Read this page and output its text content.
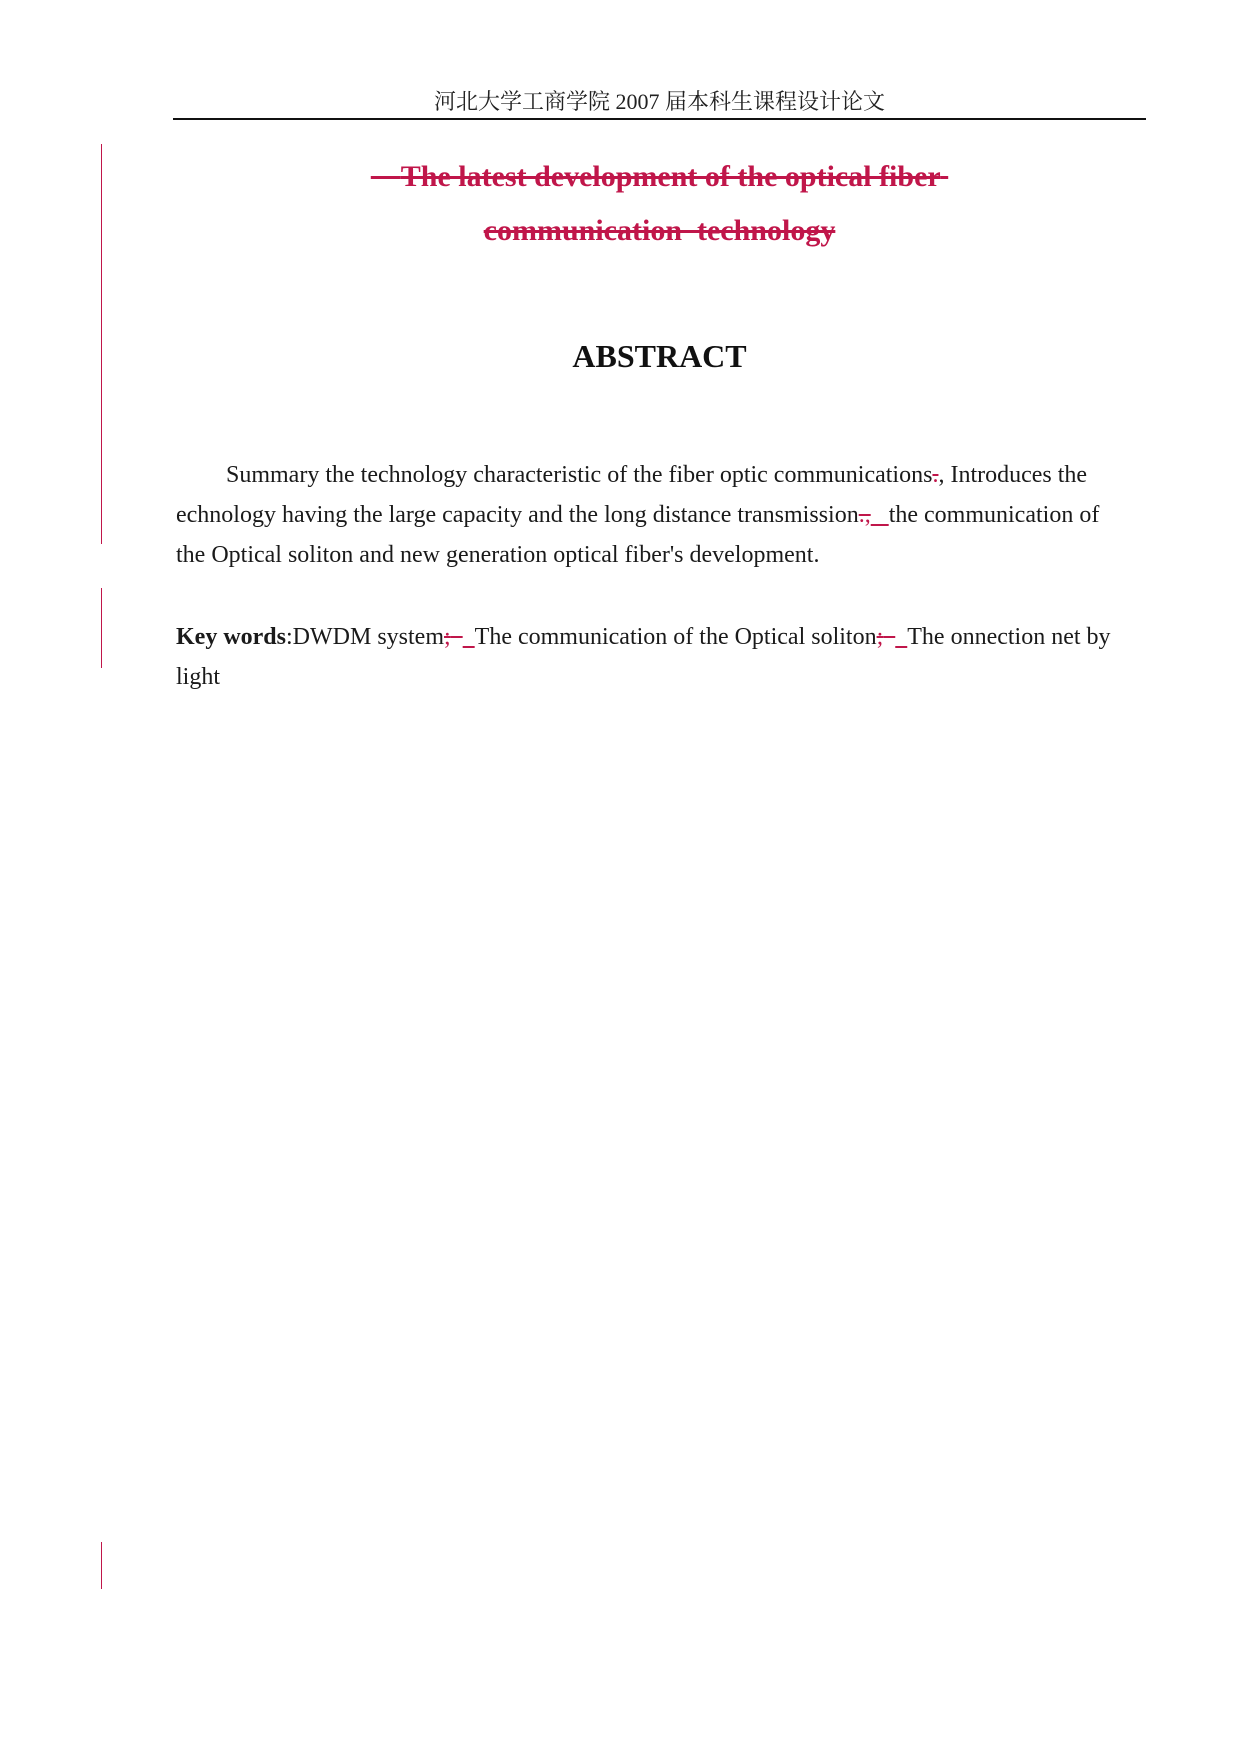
河北大学工商学院 2007 届本科生课程设计论文
The latest development of the optical fiber
communication technology
ABSTRACT
Summary the technology characteristic of the fiber optic communications., Introduces the
echnology having the large capacity and the long distance transmission., the communication of
the Optical soliton and new generation optical fiber's development.
Key words:DWDM system; The communication of the Optical soliton; The onnection net by
light
